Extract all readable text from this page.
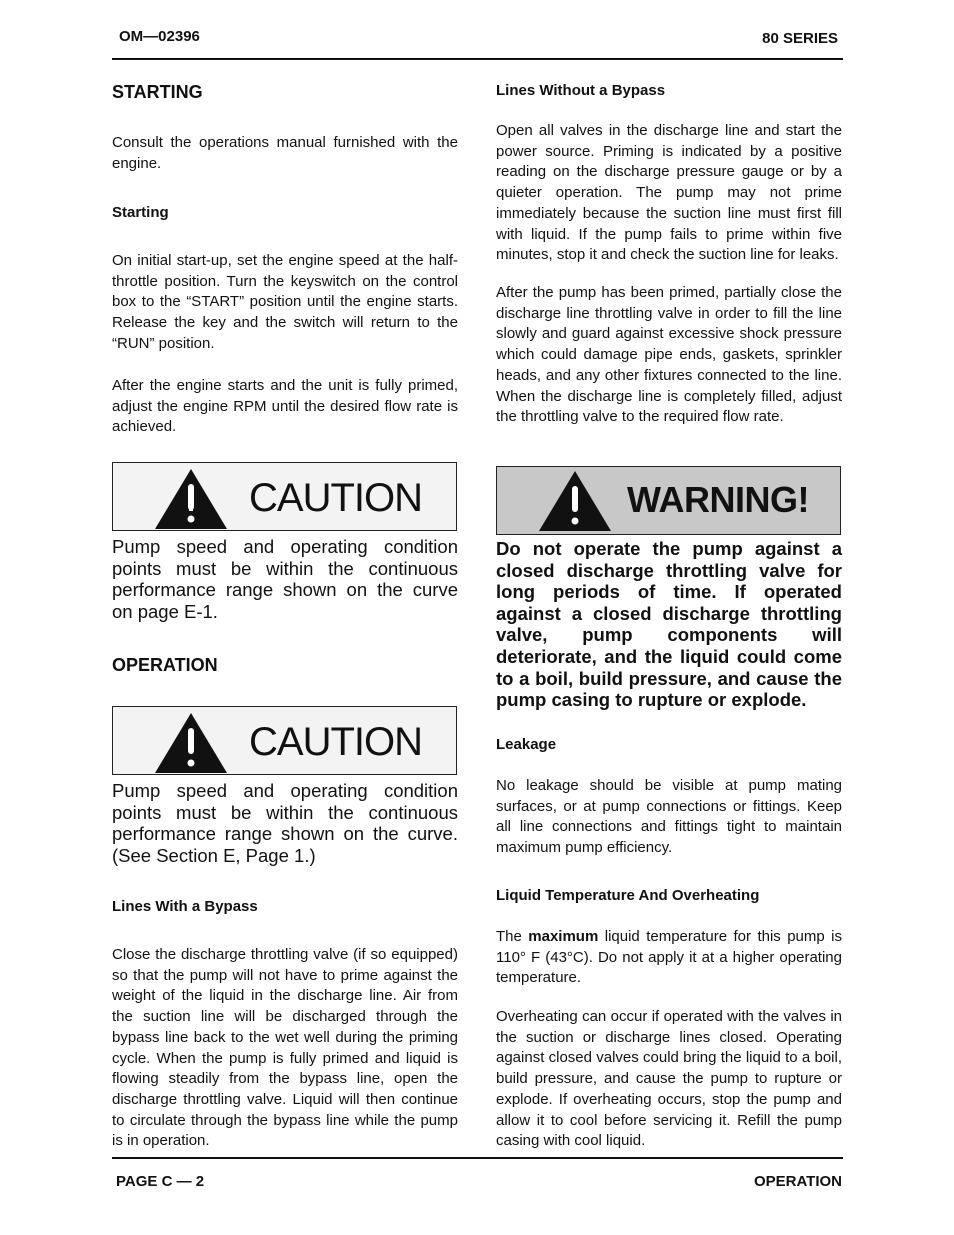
OM—02396	80 SERIES

STARTING

Consult the operations manual furnished with the engine.

Starting

On initial start-up, set the engine speed at the half-throttle position. Turn the keyswitch on the control box to the “START” position until the engine starts. Release the key and the switch will return to the “RUN” position.

After the engine starts and the unit is fully primed, adjust the engine RPM until the desired flow rate is achieved.

CAUTION

Pump speed and operating condition points must be within the continuous performance range shown on the curve on page E-1.

OPERATION

CAUTION

Pump speed and operating condition points must be within the continuous performance range shown on the curve. (See Section E, Page 1.)

Lines With a Bypass

Close the discharge throttling valve (if so equipped) so that the pump will not have to prime against the weight of the liquid in the discharge line. Air from the suction line will be discharged through the bypass line back to the wet well during the priming cycle. When the pump is fully primed and liquid is flowing steadily from the bypass line, open the discharge throttling valve. Liquid will then continue to circulate through the bypass line while the pump is in operation.

Lines Without a Bypass

Open all valves in the discharge line and start the power source. Priming is indicated by a positive reading on the discharge pressure gauge or by a quieter operation. The pump may not prime immediately because the suction line must first fill with liquid. If the pump fails to prime within five minutes, stop it and check the suction line for leaks.

After the pump has been primed, partially close the discharge line throttling valve in order to fill the line slowly and guard against excessive shock pressure which could damage pipe ends, gaskets, sprinkler heads, and any other fixtures connected to the line. When the discharge line is completely filled, adjust the throttling valve to the required flow rate.

WARNING!

Do not operate the pump against a closed discharge throttling valve for long periods of time. If operated against a closed discharge throttling valve, pump components will deteriorate, and the liquid could come to a boil, build pressure, and cause the pump casing to rupture or explode.

Leakage

No leakage should be visible at pump mating surfaces, or at pump connections or fittings. Keep all line connections and fittings tight to maintain maximum pump efficiency.

Liquid Temperature And Overheating

The maximum liquid temperature for this pump is 110° F (43°C). Do not apply it at a higher operating temperature.

Overheating can occur if operated with the valves in the suction or discharge lines closed. Operating against closed valves could bring the liquid to a boil, build pressure, and cause the pump to rupture or explode. If overheating occurs, stop the pump and allow it to cool before servicing it. Refill the pump casing with cool liquid.

PAGE C — 2	OPERATION
